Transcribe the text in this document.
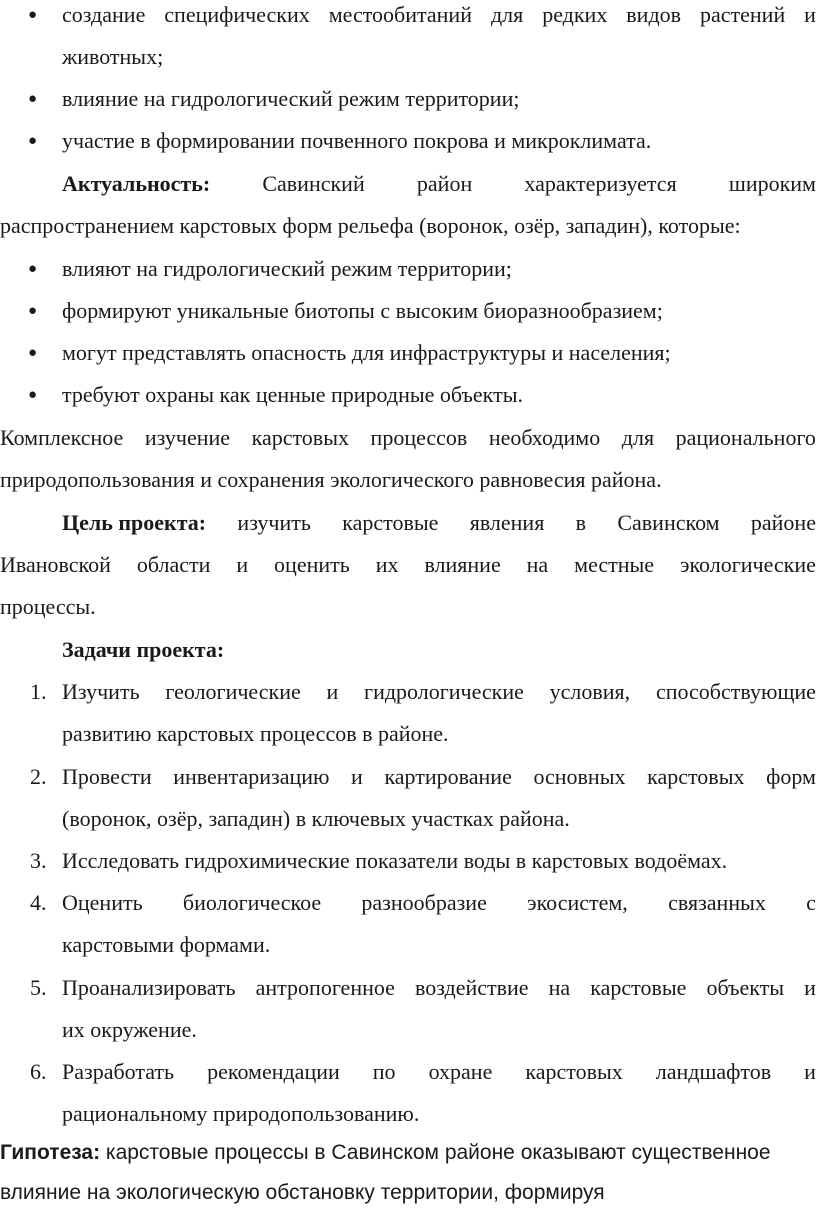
● создание специфических местообитаний для редких видов растений и
животных;
● влияние на гидрологический режим территории;
● участие в формировании почвенного покрова и микроклимата.
Актуальность: Савинский район характеризуется широким
распространением карстовых форм рельефа (воронок, озёр, западин), которые:
● влияют на гидрологический режим территории;
● формируют уникальные биотопы с высоким биоразнообразием;
● могут представлять опасность для инфраструктуры и населения;
● требуют охраны как ценные природные объекты.
Комплексное изучение карстовых процессов необходимо для рационального
природопользования и сохранения экологического равновесия района.
Цель проекта: изучить карстовые явления в Савинском районе
Ивановской области и оценить их влияние на местные экологические
процессы.
Задачи проекта:
1. Изучить геологические и гидрологические условия, способствующие
развитию карстовых процессов в районе.
2. Провести инвентаризацию и картирование основных карстовых форм
(воронок, озёр, западин) в ключевых участках района.
3. Исследовать гидрохимические показатели воды в карстовых водоёмах.
4. Оценить биологическое разнообразие экосистем, связанных с
карстовыми формами.
5. Проанализировать антропогенное воздействие на карстовые объекты и
их окружение.
6. Разработать рекомендации по охране карстовых ландшафтов и
рациональному природопользованию.
Гипотеза: карстовые процессы в Савинском районе оказывают существенное
влияние на экологическую обстановку территории, формируя
